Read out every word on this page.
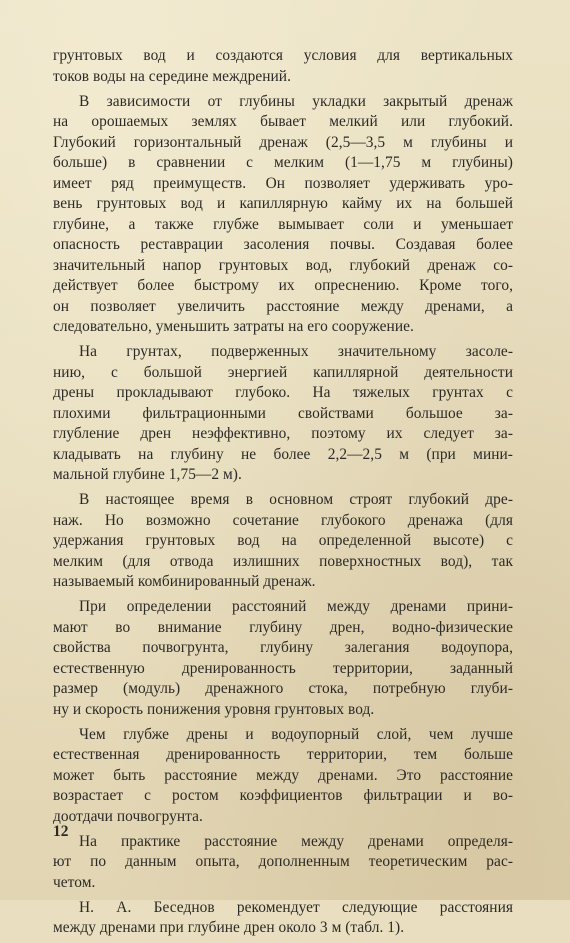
грунтовых вод и создаются условия для вертикальных
токов воды на середине междрений.
В зависимости от глубины укладки закрытый дренаж
на орошаемых землях бывает мелкий или глубокий.
Глубокий горизонтальный дренаж (2,5—3,5 м глубины и
больше) в сравнении с мелким (1—1,75 м глубины)
имеет ряд преимуществ. Он позволяет удерживать уро-
вень грунтовых вод и капиллярную кайму их на большей
глубине, а также глубже вымывает соли и уменьшает
опасность реставрации засоления почвы. Создавая более
значительный напор грунтовых вод, глубокий дренаж со-
действует более быстрому их опреснению. Кроме того,
он позволяет увеличить расстояние между дренами, а
следовательно, уменьшить затраты на его сооружение.
На грунтах, подверженных значительному засоле-
нию, с большой энергией капиллярной деятельности
дрены прокладывают глубоко. На тяжелых грунтах с
плохими фильтрационными свойствами большое за-
глубление дрен неэффективно, поэтому их следует за-
кладывать на глубину не более 2,2—2,5 м (при мини-
мальной глубине 1,75—2 м).
В настоящее время в основном строят глубокий дре-
наж. Но возможно сочетание глубокого дренажа (для
удержания грунтовых вод на определенной высоте) с
мелким (для отвода излишних поверхностных вод), так
называемый комбинированный дренаж.
При определении расстояний между дренами прини-
мают во внимание глубину дрен, водно-физические
свойства почвогрунта, глубину залегания водоупора,
естественную дренированность территории, заданный
размер (модуль) дренажного стока, потребную глуби-
ну и скорость понижения уровня грунтовых вод.
Чем глубже дрены и водоупорный слой, чем лучше
естественная дренированность территории, тем больше
может быть расстояние между дренами. Это расстояние
возрастает с ростом коэффициентов фильтрации и во-
доотдачи почвогрунта.
На практике расстояние между дренами определя-
ют по данным опыта, дополненным теоретическим рас-
четом.
Н. А. Беседнов рекомендует следующие расстояния
между дренами при глубине дрен около 3 м (табл. 1).
12
